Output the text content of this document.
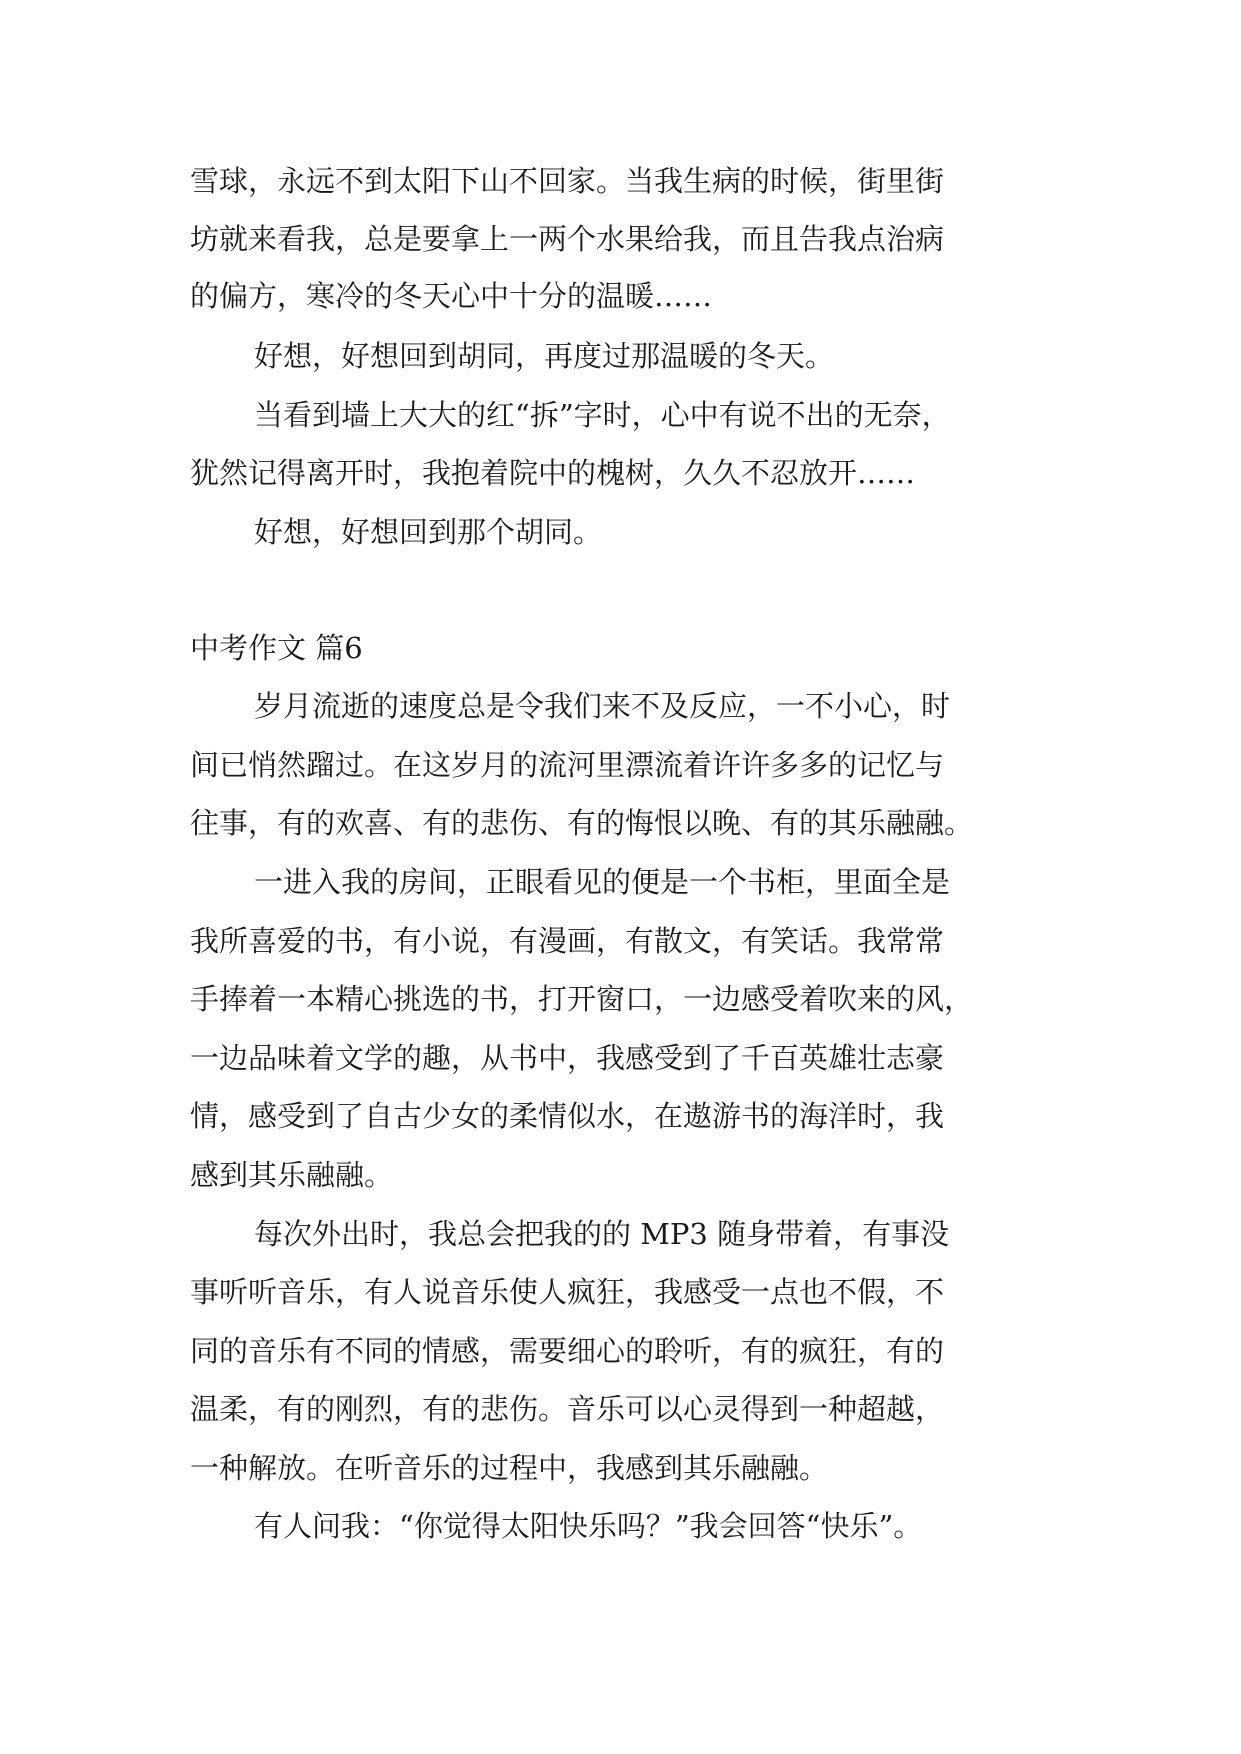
雪球，永远不到太阳下山不回家。当我生病的时候，街里街
坊就来看我，总是要拿上一两个水果给我，而且告我点治病
的偏方，寒冷的冬天心中十分的温暖……
好想，好想回到胡同，再度过那温暖的冬天。
当看到墙上大大的红“拆”字时，心中有说不出的无奈，
犹然记得离开时，我抱着院中的槐树，久久不忍放开……
好想，好想回到那个胡同。
中考作文 篇6
岁月流逝的速度总是令我们来不及反应，一不小心，时
间已悄然蹓过。在这岁月的流河里漂流着许许多多的记忆与
往事，有的欢喜、有的悲伤、有的悔恨以晚、有的其乐融融。
一进入我的房间，正眼看见的便是一个书柜，里面全是
我所喜爱的书，有小说，有漫画，有散文，有笑话。我常常
手捧着一本精心挑选的书，打开窗口，一边感受着吹来的风，
一边品味着文学的趣，从书中，我感受到了千百英雄壮志豪
情，感受到了自古少女的柔情似水，在遨游书的海洋时，我
感到其乐融融。
每次外出时，我总会把我的的 MP3 随身带着，有事没
事听听音乐，有人说音乐使人疯狂，我感受一点也不假，不
同的音乐有不同的情感，需要细心的聆听，有的疯狂，有的
温柔，有的刚烈，有的悲伤。音乐可以心灵得到一种超越，
一种解放。在听音乐的过程中，我感到其乐融融。
有人问我：“你觉得太阳快乐吗？”我会回答“快乐”。
